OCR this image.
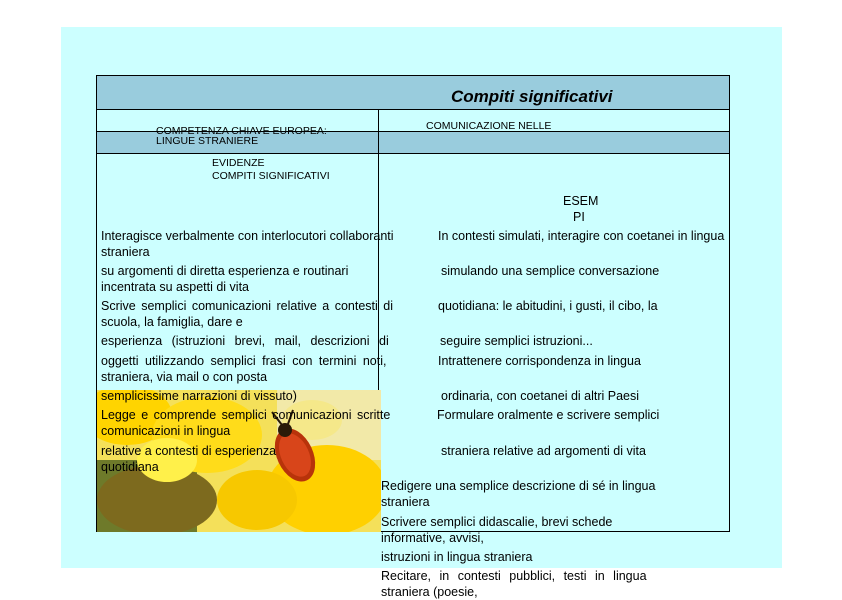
Compiti significativi
COMPETENZA CHIAVE EUROPEA:
LINGUE STRANIERE
COMUNICAZIONE NELLE
EVIDENZE
COMPITI SIGNIFICATIVI
ESEM
PI
Interagisce verbalmente con interlocutori collaboranti
straniera
su argomenti di diretta esperienza e routinari
incentrata su aspetti di vita
Scrive semplici comunicazioni relative a contesti di
scuola, la famiglia, dare e
esperienza (istruzioni brevi, mail, descrizioni di
oggetti utilizzando semplici frasi con termini noti,
straniera, via mail o con posta
semplicissime narrazioni di vissuto)
Legge e comprende semplici comunicazioni scritte
comunicazioni in lingua
relative a contesti di esperienza
quotidiana
In contesti simulati, interagire con coetanei in lingua
simulando una semplice conversazione
quotidiana: le abitudini, i gusti, il cibo, la
seguire semplici istruzioni...
Intrattenere corrispondenza in lingua
ordinaria, con coetanei di altri Paesi
Formulare oralmente e scrivere semplici
straniera relative ad argomenti di vita
Redigere una semplice descrizione di sé in lingua
straniera
Scrivere semplici didascalie, brevi schede
informative, avvisi,
istruzioni in lingua straniera
Recitare, in contesti pubblici, testi in lingua
straniera (poesie,
